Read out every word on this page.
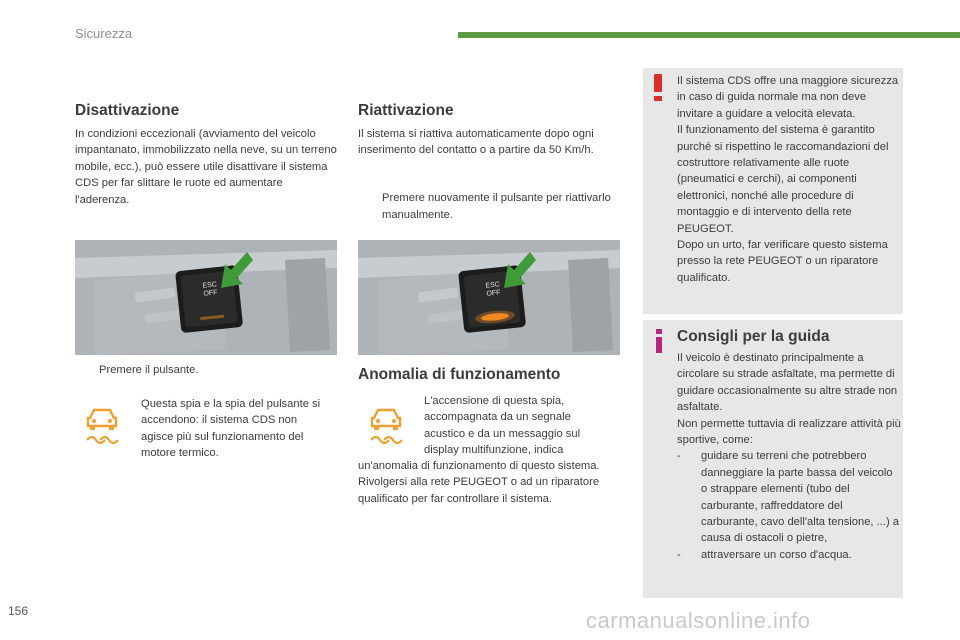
Sicurezza
Disattivazione
In condizioni eccezionali (avviamento del veicolo impantanato, immobilizzato nella neve, su un terreno mobile, ecc.), può essere utile disattivare il sistema CDS per far slittare le ruote ed aumentare l'aderenza.
ESC
OFF
Premere il pulsante.
Questa spia e la spia del pulsante si accendono: il sistema CDS non agisce più sul funzionamento del motore termico.
Riattivazione
Il sistema si riattiva automaticamente dopo ogni inserimento del contatto o a partire da 50 Km/h.
Premere nuovamente il pulsante per riattivarlo manualmente.
ESC
OFF
Anomalia di funzionamento
L'accensione di questa spia, accompagnata da un segnale acustico e da un messaggio sul display multifunzione, indica
un'anomalia di funzionamento di questo sistema. Rivolgersi alla rete PEUGEOT o ad un riparatore qualificato per far controllare il sistema.
Il sistema CDS offre una maggiore sicurezza in caso di guida normale ma non deve invitare a guidare a velocità elevata.
Il funzionamento del sistema è garantito purché si rispettino le raccomandazioni del costruttore relativamente alle ruote (pneumatici e cerchi), ai componenti elettronici, nonché alle procedure di montaggio e di intervento della rete PEUGEOT.
Dopo un urto, far verificare questo sistema presso la rete PEUGEOT o un riparatore qualificato.
Consigli per la guida
Il veicolo è destinato principalmente a circolare su strade asfaltate, ma permette di guidare occasionalmente su altre strade non asfaltate.
Non permette tuttavia di realizzare attività più sportive, come:
- guidare su terreni che potrebbero danneggiare la parte bassa del veicolo o strappare elementi (tubo del carburante, raffreddatore del carburante, cavo dell'alta tensione, ...) a causa di ostacoli o pietre,
- attraversare un corso d'acqua.
156	carmanualsonline.info
